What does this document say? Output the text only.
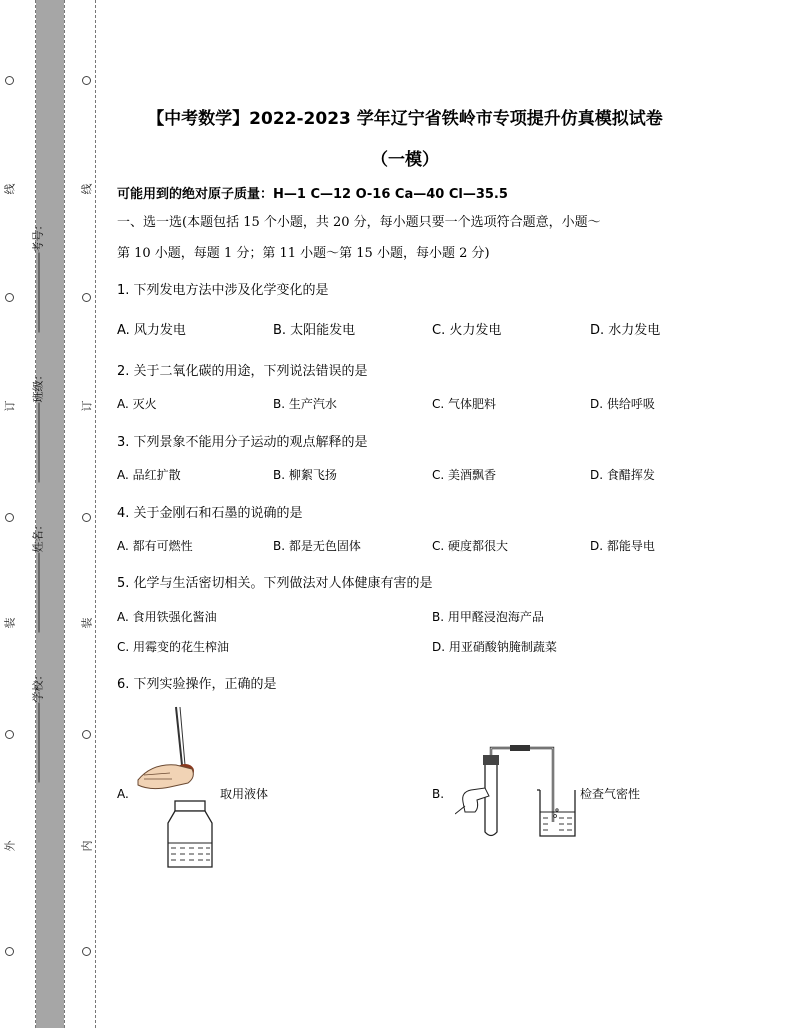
线
订
装
外
线
订
装
内
考号：
班级：
姓名：
学校：
【中考数学】2022-2023 学年辽宁省铁岭市专项提升仿真模拟试卷
（一模）
可能用到的绝对原子质量：H—1 C—12 O-16 Ca—40 Cl—35.5
一、选一选(本题包括 15 个小题，共 20 分，每小题只要一个选项符合题意，小题～
第 10 小题，每题 1 分；第 11 小题～第 15 小题，每小题 2 分)
1. 下列发电方法中涉及化学变化的是
A. 风力发电	B. 太阳能发电	C. 火力发电	D. 水力发电
2. 关于二氧化碳的用途，下列说法错误的是
A. 灭火	B. 生产汽水	C. 气体肥料	D. 供给呼吸
3. 下列景象不能用分子运动的观点解释的是
A. 品红扩散	B. 柳絮飞扬	C. 美酒飘香	D. 食醋挥发
4. 关于金刚石和石墨的说确的是
A. 都有可燃性	B. 都是无色固体	C. 硬度都很大	D. 都能导电
5. 化学与生活密切相关。下列做法对人体健康有害的是
A. 食用铁强化酱油	B. 用甲醛浸泡海产品
C. 用霉变的花生榨油	D. 用亚硝酸钠腌制蔬菜
6. 下列实验操作，正确的是
A.	B.
取用液体	检查气密性
